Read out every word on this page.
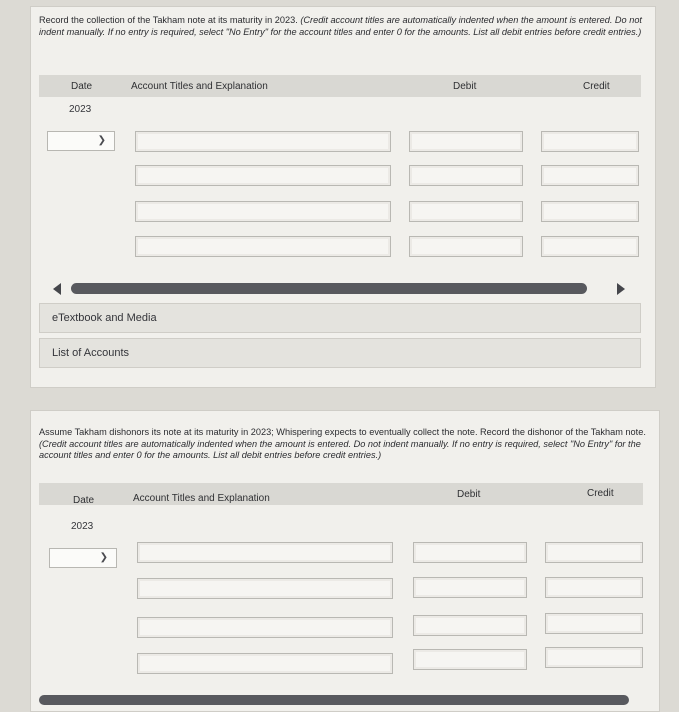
Record the collection of the Takham note at its maturity in 2023. (Credit account titles are automatically indented when the amount is entered. Do not indent manually. If no entry is required, select "No Entry" for the account titles and enter 0 for the amounts. List all debit entries before credit entries.)
Date	Account Titles and Explanation	Debit	Credit
2023
❯
eTextbook and Media
List of Accounts
Assume Takham dishonors its note at its maturity in 2023; Whispering expects to eventually collect the note. Record the dishonor of the Takham note. (Credit account titles are automatically indented when the amount is entered. Do not indent manually. If no entry is required, select "No Entry" for the account titles and enter 0 for the amounts. List all debit entries before credit entries.)
Date	Account Titles and Explanation	Debit	Credit
2023
❯
